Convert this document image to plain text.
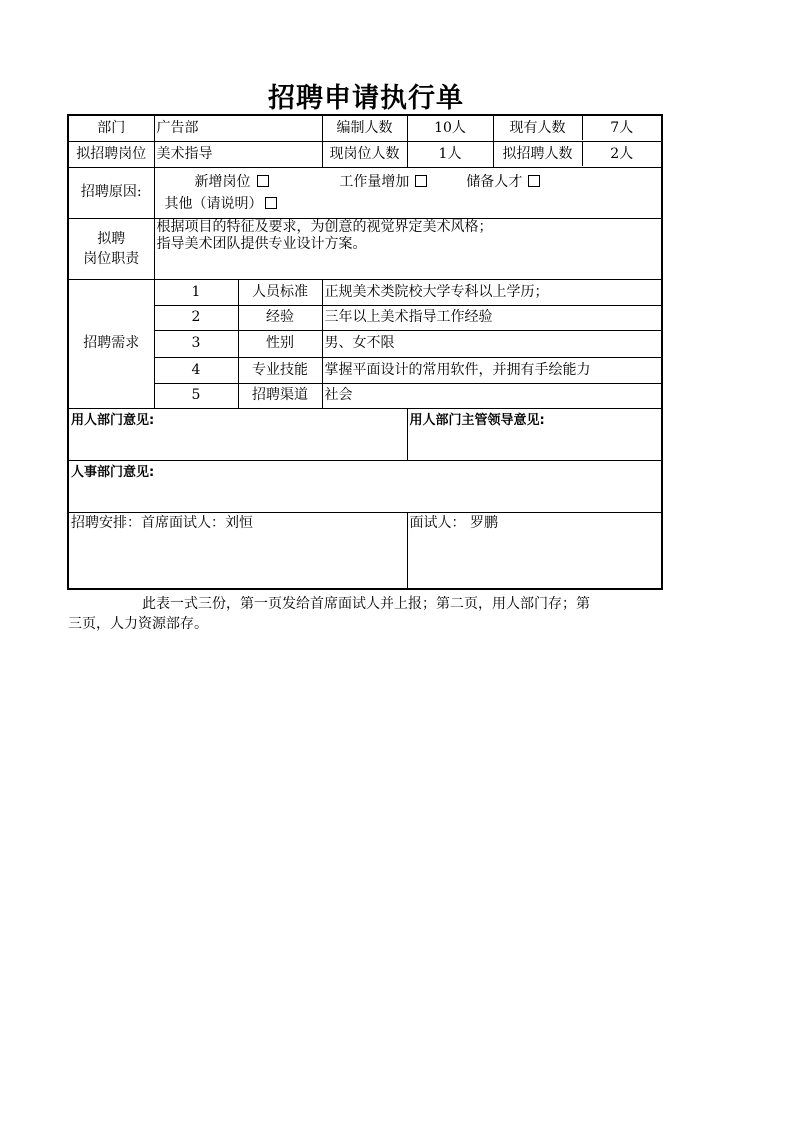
招聘申请执行单
部门	广告部	编制人数	10人		现有人数	7人

拟招聘岗位	美术指导	现岗位人数	1人		拟招聘人数	2人

招聘原因:	
新增岗位	工作量增加	储备人才
其他（请说明）

拟聘
岗位职责

根据项目的特征及要求，为创意的视觉界定美术风格；
指导美术团队提供专业设计方案。

招聘需求	1	人员标准	正规美术类院校大学专科以上学历；
2	经验	三年以上美术指导工作经验
3	性别	男、女不限
4	专业技能	掌握平面设计的常用软件，并拥有手绘能力
5	招聘渠道	社会
用人部门意见:	用人部门主管领导意见:
人事部门意见:
招聘安排：首席面试人：刘恒	面试人： 罗鹏
此表一式三份，第一页发给首席面试人并上报；第二页，用人部门存；第
三页，人力资源部存。
